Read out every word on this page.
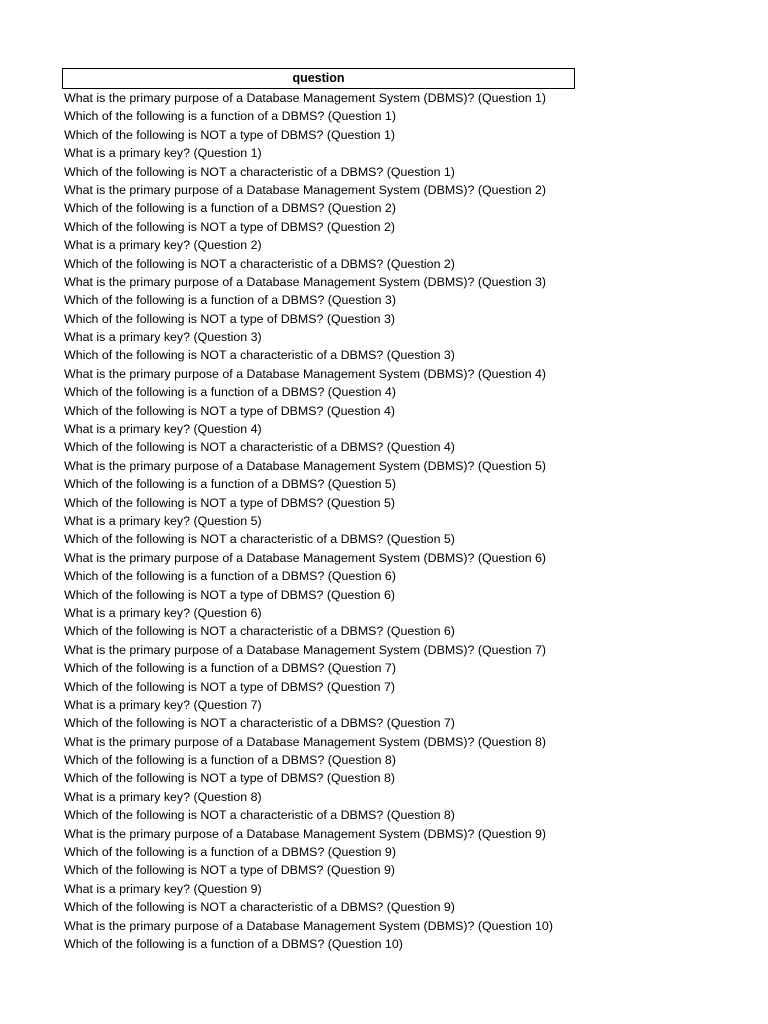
question
What is the primary purpose of a Database Management System (DBMS)? (Question 1)
Which of the following is a function of a DBMS? (Question 1)
Which of the following is NOT a type of DBMS? (Question 1)
What is a primary key? (Question 1)
Which of the following is NOT a characteristic of a DBMS? (Question 1)
What is the primary purpose of a Database Management System (DBMS)? (Question 2)
Which of the following is a function of a DBMS? (Question 2)
Which of the following is NOT a type of DBMS? (Question 2)
What is a primary key? (Question 2)
Which of the following is NOT a characteristic of a DBMS? (Question 2)
What is the primary purpose of a Database Management System (DBMS)? (Question 3)
Which of the following is a function of a DBMS? (Question 3)
Which of the following is NOT a type of DBMS? (Question 3)
What is a primary key? (Question 3)
Which of the following is NOT a characteristic of a DBMS? (Question 3)
What is the primary purpose of a Database Management System (DBMS)? (Question 4)
Which of the following is a function of a DBMS? (Question 4)
Which of the following is NOT a type of DBMS? (Question 4)
What is a primary key? (Question 4)
Which of the following is NOT a characteristic of a DBMS? (Question 4)
What is the primary purpose of a Database Management System (DBMS)? (Question 5)
Which of the following is a function of a DBMS? (Question 5)
Which of the following is NOT a type of DBMS? (Question 5)
What is a primary key? (Question 5)
Which of the following is NOT a characteristic of a DBMS? (Question 5)
What is the primary purpose of a Database Management System (DBMS)? (Question 6)
Which of the following is a function of a DBMS? (Question 6)
Which of the following is NOT a type of DBMS? (Question 6)
What is a primary key? (Question 6)
Which of the following is NOT a characteristic of a DBMS? (Question 6)
What is the primary purpose of a Database Management System (DBMS)? (Question 7)
Which of the following is a function of a DBMS? (Question 7)
Which of the following is NOT a type of DBMS? (Question 7)
What is a primary key? (Question 7)
Which of the following is NOT a characteristic of a DBMS? (Question 7)
What is the primary purpose of a Database Management System (DBMS)? (Question 8)
Which of the following is a function of a DBMS? (Question 8)
Which of the following is NOT a type of DBMS? (Question 8)
What is a primary key? (Question 8)
Which of the following is NOT a characteristic of a DBMS? (Question 8)
What is the primary purpose of a Database Management System (DBMS)? (Question 9)
Which of the following is a function of a DBMS? (Question 9)
Which of the following is NOT a type of DBMS? (Question 9)
What is a primary key? (Question 9)
Which of the following is NOT a characteristic of a DBMS? (Question 9)
What is the primary purpose of a Database Management System (DBMS)? (Question 10)
Which of the following is a function of a DBMS? (Question 10)
